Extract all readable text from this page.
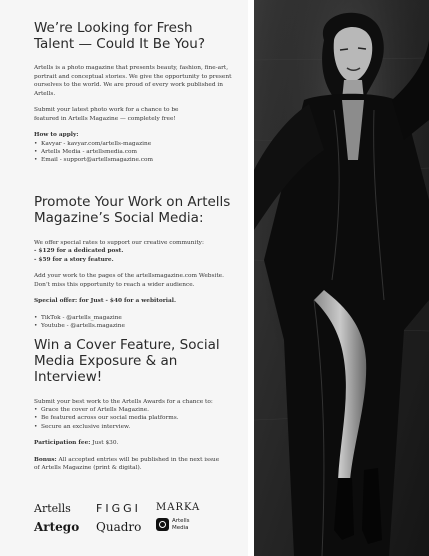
We’re Looking for Fresh
Talent — Could It Be You?

Artells is a photo magazine that presents beauty, fashion, fine-art,
portrait and conceptual stories. We give the opportunity to present
ourselves to the world. We are proud of every work published in
Artells.

Submit your latest photo work for a chance to be
featured in Artells Magazine — completely free!

How to apply:

• Kavyar - kavyar.com/artells-magazine
• Artells Media - artellsmedia.com
• Email - support@artellsmagazine.com
Promote Your Work on Artells
Magazine’s Social Media:

We offer special rates to support our creative community:
- $129 for a dedicated post.
- $59 for a story feature.

Add your work to the pages of the artellsmagazine.com Website.
Don’t miss this opportunity to reach a wider audience.

Special offer: for Just - $40 for a webitorial.

• TikTok - @artells_magazine
• Youtube - @artells.magazine
Win a Cover Feature, Social
Media Exposure & an Interview!

Submit your best work to the Artells Awards for a chance to:

• Grace the cover of Artells Magazine.
• Be featured across our social media platforms.
• Secure an exclusive interview.

Participation fee: Just $30.

Bonus: All accepted entries will be published in the next issue
of Artells Magazine (print & digital).

Artells FIGGI MARKA
Artego Quadro	Artells
Media
